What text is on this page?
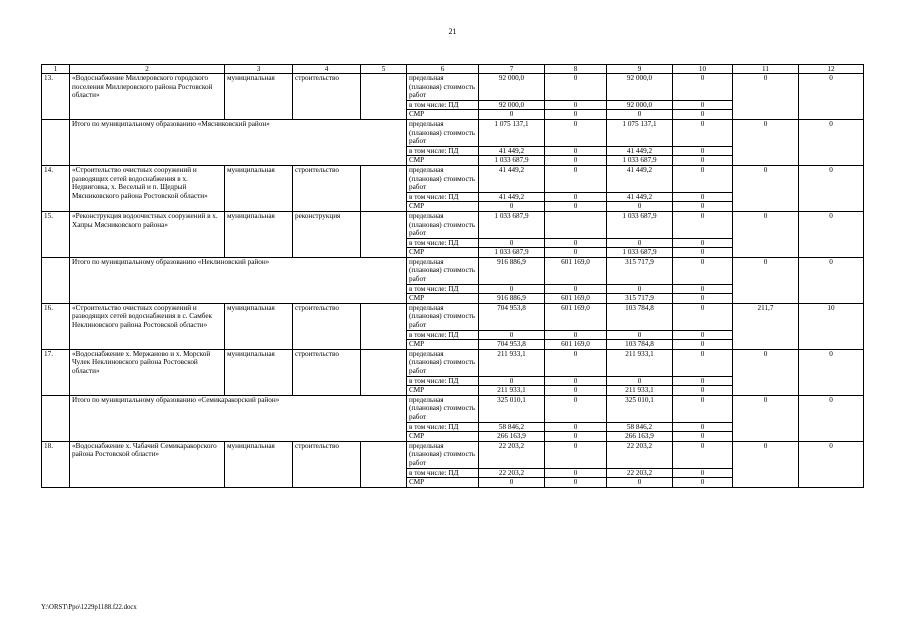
21
1	2	3	4	5	6	7	8	9	10	11	12
13.	«Водоснабжение Миллеровского городского поселения Миллеровского района Ростовской области»	муниципальная	строительство		предельная (плановая) стоимость работ	92 000,0	0	92 000,0	0	0	0
					в том числе: ПД	92 000,0	0	92 000,0	0		
					СМР	0	0	0	0		
	Итого по муниципальному образованию «Мясниковский район»				предельная (плановая) стоимость работ	1 075 137,1	0	1 075 137,1	0	0	0
					в том числе: ПД	41 449,2	0	41 449,2	0		
					СМР	1 033 687,9	0	1 033 687,9	0		
14.	«Строительство очистных сооружений и разводящих сетей водоснабжения в х. Недвиговка, х. Веселый и п. Щедрый Мясниковского района Ростовской области»	муниципальная	строительство		предельная (плановая) стоимость работ	41 449,2	0	41 449,2	0	0	0
					в том числе: ПД	41 449,2	0	41 449,2	0		
					СМР	0	0	0	0		
15.	«Реконструкция водоочистных сооружений в х. Хапры Мясниковского района»	муниципальная	реконструкция		предельная (плановая) стоимость работ	1 033 687,9		1 033 687,9	0	0	0
					в том числе: ПД	0	0	0	0		
					СМР	1 033 687,9	0	1 033 687,9	0		
	Итого по муниципальному образованию «Неклиновский район»				предельная (плановая) стоимость работ	916 886,9	601 169,0	315 717,9	0	0	0
					в том числе: ПД	0	0	0	0		
					СМР	916 886,9	601 169,0	315 717,9	0		
16.	«Строительство очистных сооружений и разводящих сетей водоснабжения в с. Самбек Неклиновского района Ростовской области»	муниципальная	строительство		предельная (плановая) стоимость работ	704 953,8	601 169,0	103 784,8	0	211,7	10
					в том числе: ПД	0	0	0	0		
					СМР	704 953,8	601 169,0	103 784,8	0		
17.	«Водоснабжение х. Мержаново и х. Морской Чулек Неклиновского района Ростовской области»	муниципальная	строительство		предельная (плановая) стоимость работ	211 933,1	0	211 933,1	0	0	0
					в том числе: ПД	0	0	0	0		
					СМР	211 933,1	0	211 933,1	0		
	Итого по муниципальному образованию «Семикаракорский район»				предельная (плановая) стоимость работ	325 010,1	0	325 010,1	0	0	0
					в том числе: ПД	58 846,2	0	58 846,2	0		
					СМР	266 163,9	0	266 163,9	0		
18.	«Водоснабжение х. Чабачий Семикаракорского района Ростовской области»	муниципальная	строительство		предельная (плановая) стоимость работ	22 203,2	0	22 203,2	0	0	0
					в том числе: ПД	22 203,2	0	22 203,2	0		
					СМР	0	0	0	0		
Y:\ORST\Ppo\1229p1188.f22.docx
